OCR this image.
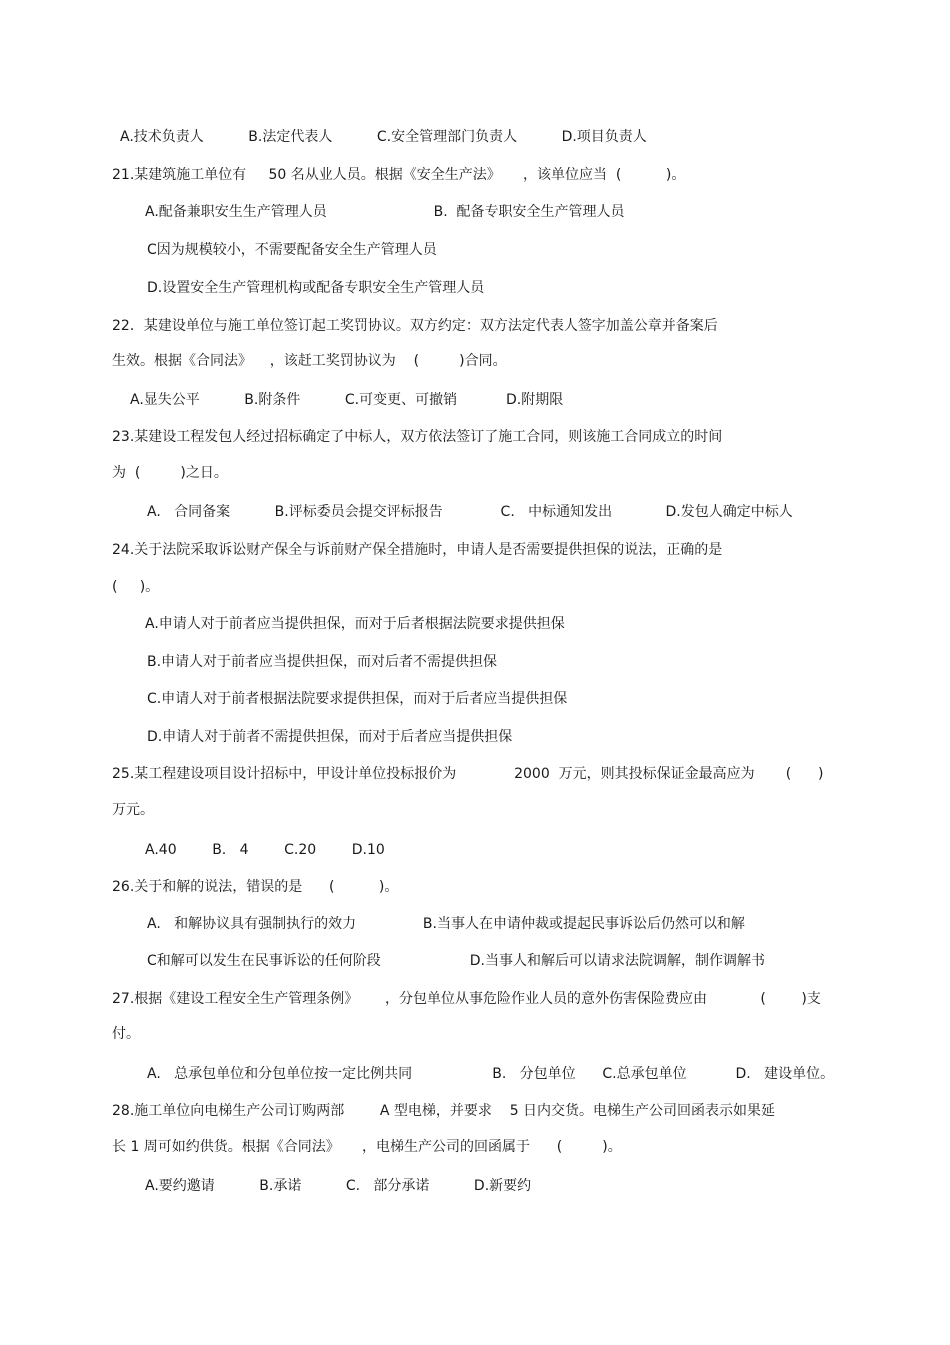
A.技术负责人          B.法定代表人          C.安全管理部门负责人          D.项目负责人
21.某建筑施工单位有     50 名从业人员。根据《安全生产法》     ，该单位应当  (          )。
A.配备兼职安生生产管理人员                        B.  配备专职安全生产管理人员
C因为规模较小，不需要配备安全生产管理人员
D.设置安全生产管理机构或配备专职安全生产管理人员
22．某建设单位与施工单位签订起工奖罚协议。双方约定：双方法定代表人签字加盖公章并备案后
生效。根据《合同法》    ，该赶工奖罚协议为    (         )合同。
A.显失公平          B.附条件          C.可变更、可撤销           D.附期限
23.某建设工程发包人经过招标确定了中标人，双方依法签订了施工合同，则该施工合同成立的时间
为  (         )之日。
A.   合同备案          B.评标委员会提交评标报告             C.   中标通知发出            D.发包人确定中标人
24.关于法院采取诉讼财产保全与诉前财产保全措施时，申请人是否需要提供担保的说法，正确的是
(     )。
A.申请人对于前者应当提供担保，而对于后者根据法院要求提供担保
B.申请人对于前者应当提供担保，而对后者不需提供担保
C.申请人对于前者根据法院要求提供担保，而对于后者应当提供担保
D.申请人对于前者不需提供担保，而对于后者应当提供担保
25.某工程建设项目设计招标中，甲设计单位投标报价为             2000  万元，则其投标保证金最高应为       (      )
万元。
A.40        B.   4        C.20        D.10
26.关于和解的说法，错误的是      (          )。
A.   和解协议具有强制执行的效力               B.当事人在申请仲裁或提起民事诉讼后仍然可以和解
C和解可以发生在民事诉讼的任何阶段                    D.当事人和解后可以请求法院调解，制作调解书
27.根据《建设工程安全生产管理条例》      ，分包单位从事危险作业人员的意外伤害保险费应由            (        )支
付。
A.   总承包单位和分包单位按一定比例共同                  B.   分包单位      C.总承包单位           D.   建设单位。
28.施工单位向电梯生产公司订购两部        A 型电梯，并要求    5 日内交货。电梯生产公司回函表示如果延
长 1 周可如约供货。根据《合同法》     ，电梯生产公司的回函属于      (         )。
A.要约邀请          B.承诺          C.   部分承诺          D.新要约
